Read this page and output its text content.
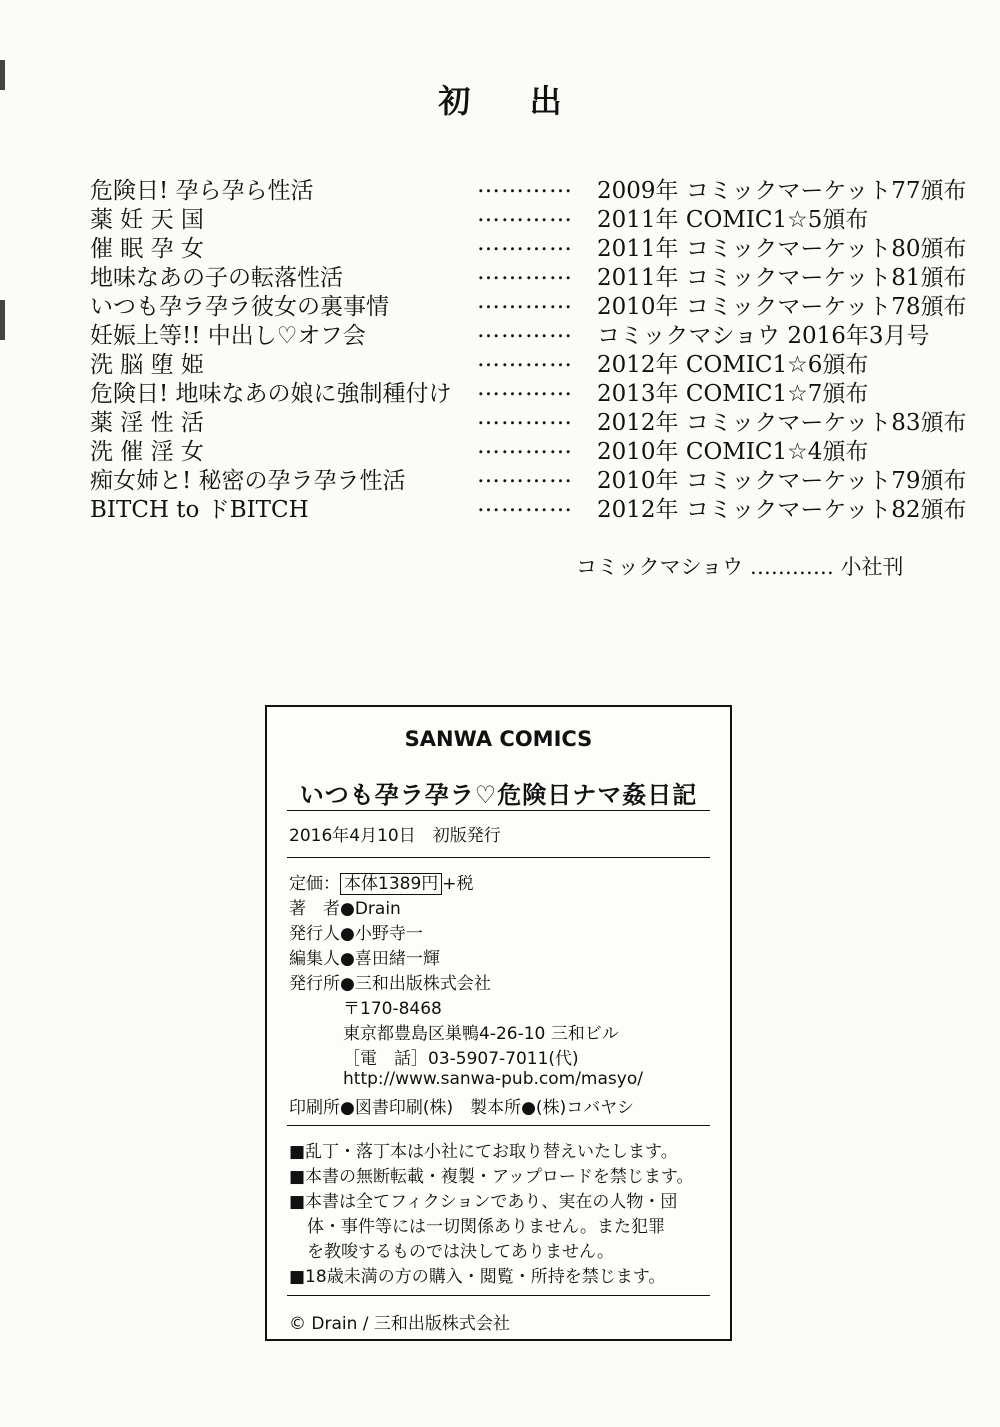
初 出
危険日! 孕ら孕ら性活	………… 2009年 コミックマーケット77頒布
薬 妊 天 国	………… 2011年 COMIC1☆5頒布
催 眠 孕 女	………… 2011年 コミックマーケット80頒布
地味なあの子の転落性活	………… 2011年 コミックマーケット81頒布
いつも孕ラ孕ラ彼女の裏事情	………… 2010年 コミックマーケット78頒布
妊娠上等!! 中出し♡オフ会	………… コミックマショウ 2016年3月号
洗 脳 堕 姫	………… 2012年 COMIC1☆6頒布
危険日! 地味なあの娘に強制種付け ………… 2013年 COMIC1☆7頒布
薬 淫 性 活	………… 2012年 コミックマーケット83頒布
洗 催 淫 女	………… 2010年 COMIC1☆4頒布
痴女姉と! 秘密の孕ラ孕ラ性活	………… 2010年 コミックマーケット79頒布
BITCH to ドBITCH	………… 2012年 コミックマーケット82頒布
コミックマショウ ………… 小社刊
SANWA COMICS
いつも孕ラ孕ラ♡危険日ナマ姦日記
2016年4月10日　初版発行
定価： 本体1389円 +税
著　者●Drain
発行人●小野寺一
編集人●喜田緒一輝
発行所●三和出版株式会社
〒170-8468
東京都豊島区巣鴨4-26-10 三和ビル
［電　話］03-5907-7011(代)
http://www.sanwa-pub.com/masyo/
印刷所●図書印刷(株)　製本所●(株)コバヤシ
■乱丁・落丁本は小社にてお取り替えいたします。
■本書の無断転載・複製・アップロードを禁じます。
■本書は全てフィクションであり、実在の人物・団
体・事件等には一切関係ありません。また犯罪
を教唆するものでは決してありません。
■18歳未満の方の購入・閲覧・所持を禁じます。
© Drain / 三和出版株式会社
